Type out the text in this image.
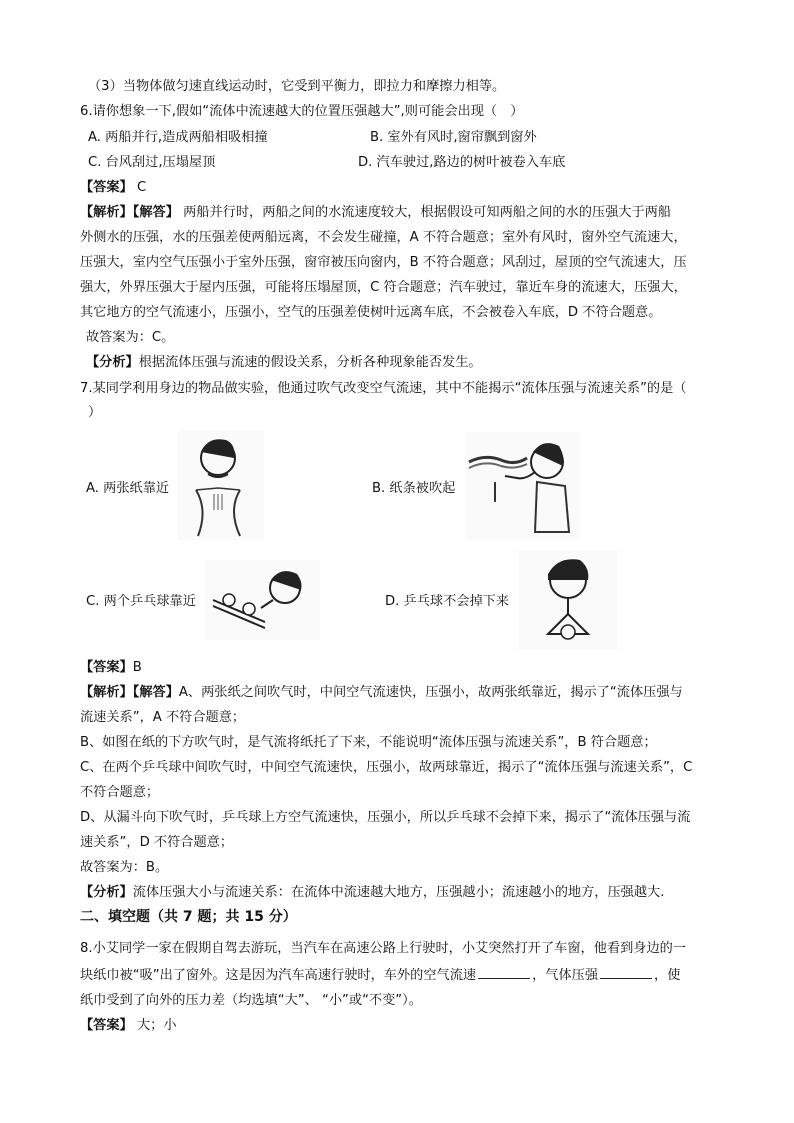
（3）当物体做匀速直线运动时，它受到平衡力，即拉力和摩擦力相等。
6.请你想象一下,假如“流体中流速越大的位置压强越大”,则可能会出现（　）
A. 两船并行,造成两船相吸相撞	B. 室外有风时,窗帘飘到窗外
C. 台风刮过,压塌屋顶	D. 汽车驶过,路边的树叶被卷入车底
【答案】 C
【解析】【解答】 两船并行时，两船之间的水流速度较大，根据假设可知两船之间的水的压强大于两船
外侧水的压强，水的压强差使两船远离，不会发生碰撞，A 不符合题意；室外有风时，窗外空气流速大，
压强大，室内空气压强小于室外压强，窗帘被压向窗内，B 不符合题意；风刮过，屋顶的空气流速大，压
强大，外界压强大于屋内压强，可能将压塌屋顶，C 符合题意；汽车驶过，靠近车身的流速大，压强大，
其它地方的空气流速小，压强小，空气的压强差使树叶远离车底，不会被卷入车底，D 不符合题意。
故答案为：C。
【分析】根据流体压强与流速的假设关系，分析各种现象能否发生。
7.某同学利用身边的物品做实验，他通过吹气改变空气流速，其中不能揭示“流体压强与流速关系”的是（
）
A. 两张纸靠近	B. 纸条被吹起
C. 两个乒乓球靠近	D. 乒乓球不会掉下来
【答案】B
【解析】【解答】A、两张纸之间吹气时，中间空气流速快，压强小，故两张纸靠近，揭示了“流体压强与
流速关系”，A 不符合题意；
B、如图在纸的下方吹气时，是气流将纸托了下来，不能说明“流体压强与流速关系”，B 符合题意；
C、在两个乒乓球中间吹气时，中间空气流速快，压强小，故两球靠近，揭示了“流体压强与流速关系”，C
不符合题意；
D、从漏斗向下吹气时，乒乓球上方空气流速快，压强小，所以乒乓球不会掉下来，揭示了“流体压强与流
速关系”，D 不符合题意；
故答案为：B。
【分析】流体压强大小与流速关系：在流体中流速越大地方，压强越小；流速越小的地方，压强越大.
二、填空题（共 7 题；共 15 分）
8.小艾同学一家在假期自驾去游玩，当汽车在高速公路上行驶时，小艾突然打开了车窗，他看到身边的一
块纸巾被“吸”出了窗外。这是因为汽车高速行驶时，车外的空气流速	，气体压强	，使
纸巾受到了向外的压力差（均选填“大”、 “小”或“不变”）。
【答案】 大；小
